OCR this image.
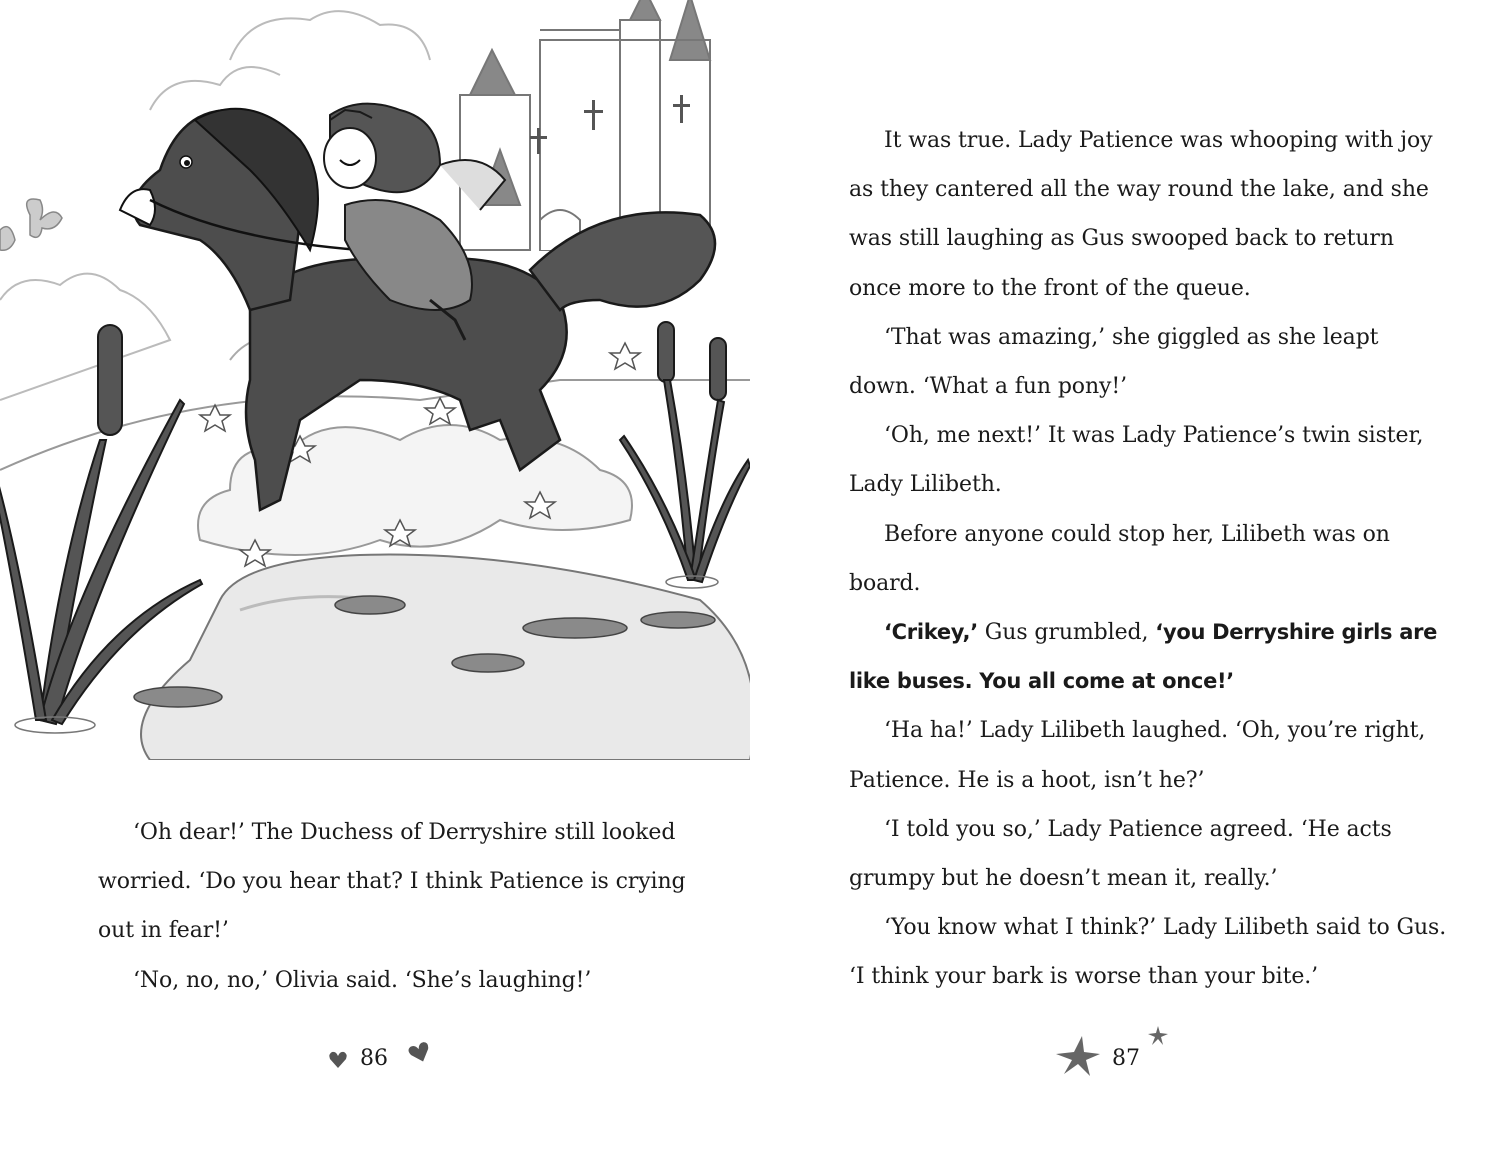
‘Oh dear!’ The Duchess of Derryshire still looked worried. ‘Do you hear that? I think Patience is crying out in fear!’

‘No, no, no,’ Olivia said. ‘She’s laughing!’

86

It was true. Lady Patience was whooping with joy as they cantered all the way round the lake, and she was still laughing as Gus swooped back to return once more to the front of the queue.

‘That was amazing,’ she giggled as she leapt down. ‘What a fun pony!’

‘Oh, me next!’ It was Lady Patience’s twin sister, Lady Lilibeth.

Before anyone could stop her, Lilibeth was on board.

‘Crikey,’ Gus grumbled, ‘you Derryshire girls are like buses. You all come at once!’

‘Ha ha!’ Lady Lilibeth laughed. ‘Oh, you’re right, Patience. He is a hoot, isn’t he?’

‘I told you so,’ Lady Patience agreed. ‘He acts grumpy but he doesn’t mean it, really.’

‘You know what I think?’ Lady Lilibeth said to Gus. ‘I think your bark is worse than your bite.’

87
